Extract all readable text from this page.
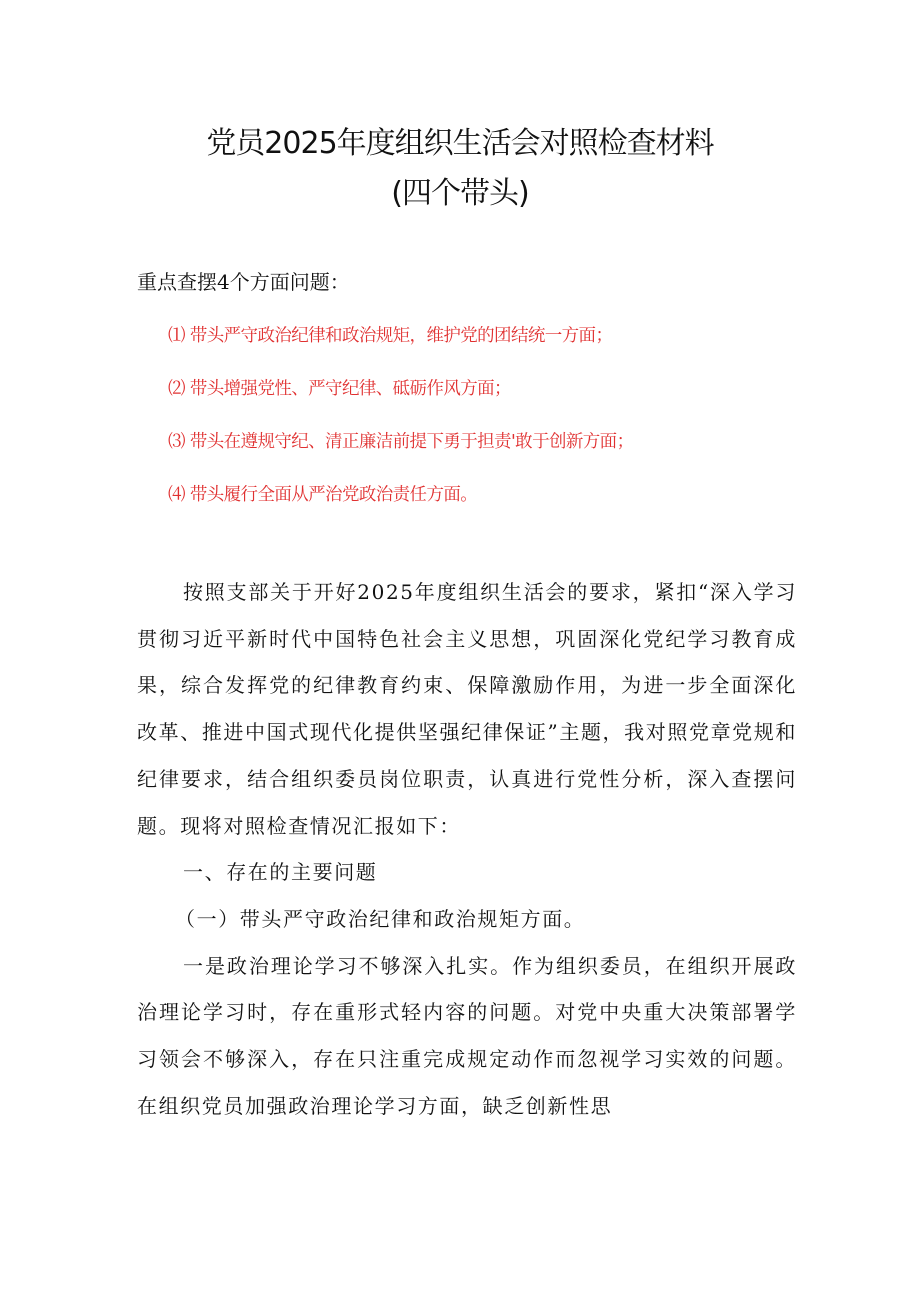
党员2025年度组织生活会对照检查材料
(四个带头)

重点查摆4个方面问题：

⑴ 带头严守政治纪律和政治规矩，维护党的团结统一方面；
⑵ 带头增强党性、严守纪律、砥砺作风方面；
⑶ 带头在遵规守纪、清正廉洁前提下勇于担责'敢于创新方面；
⑷ 带头履行全面从严治党政治责任方面。

按照支部关于开好2025年度组织生活会的要求，紧扣“深入学习贯彻习近平新时代中国特色社会主义思想，巩固深化党纪学习教育成果，综合发挥党的纪律教育约束、保障激励作用，为进一步全面深化改革、推进中国式现代化提供坚强纪律保证”主题，我对照党章党规和纪律要求，结合组织委员岗位职责，认真进行党性分析，深入查摆问题。现将对照检查情况汇报如下：

一、存在的主要问题

（一）带头严守政治纪律和政治规矩方面。

一是政治理论学习不够深入扎实。作为组织委员，在组织开展政治理论学习时，存在重形式轻内容的问题。对党中央重大决策部署学习领会不够深入，存在只注重完成规定动作而忽视学习实效的问题。在组织党员加强政治理论学习方面，缺乏创新性思
